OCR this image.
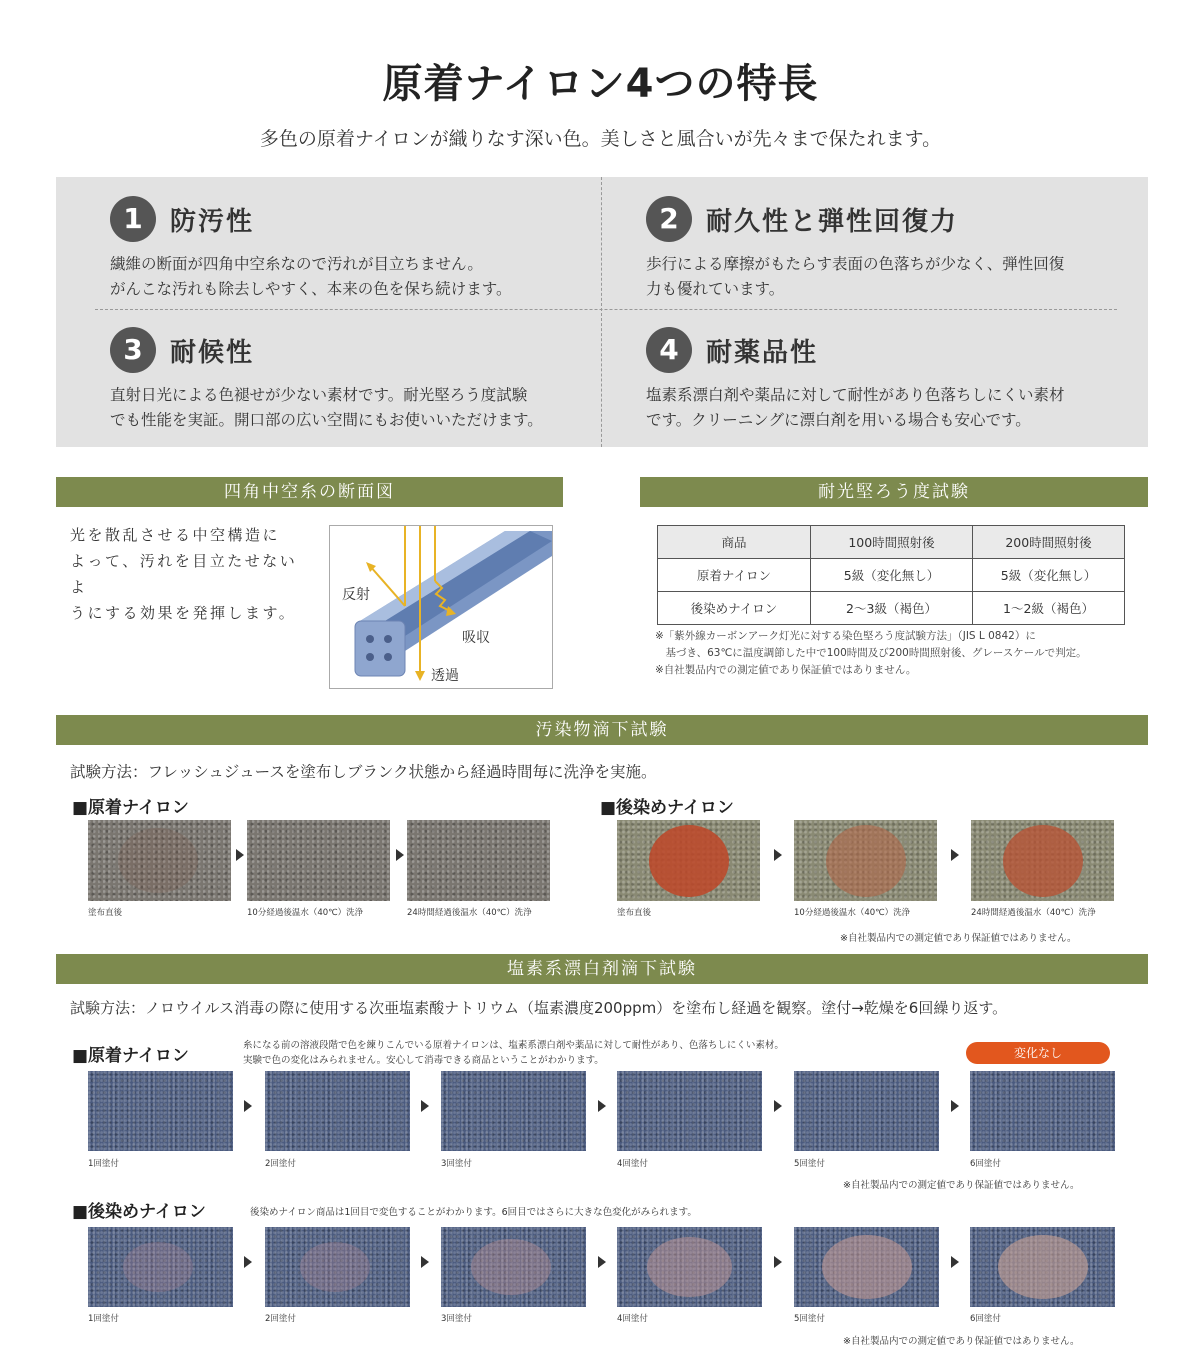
原着ナイロン4つの特長
多色の原着ナイロンが織りなす深い色。美しさと風合いが先々まで保たれます。
1 防汚性
繊維の断面が四角中空糸なので汚れが目立ちません。
がんこな汚れも除去しやすく、本来の色を保ち続けます。
2 耐久性と弾性回復力
歩行による摩擦がもたらす表面の色落ちが少なく、弾性回復
力も優れています。
3 耐候性
直射日光による色褪せが少ない素材です。耐光堅ろう度試験
でも性能を実証。開口部の広い空間にもお使いいただけます。
4 耐薬品性
塩素系漂白剤や薬品に対して耐性があり色落ちしにくい素材
です。クリーニングに漂白剤を用いる場合も安心です。
四角中空糸の断面図
光を散乱させる中空構造に
よって、汚れを目立たせないよ
うにする効果を発揮します。
反射
吸収
透過
耐光堅ろう度試験
商品	100時間照射後	200時間照射後
原着ナイロン	5級（変化無し）	5級（変化無し）
後染めナイロン	2〜3級（褐色）	1〜2級（褐色）
※「紫外線カーボンアーク灯光に対する染色堅ろう度試験方法」（JIS L 0842）に
　基づき、63℃に温度調節した中で100時間及び200時間照射後、グレースケールで判定。
※自社製品内での測定値であり保証値ではありません。
汚染物滴下試験
試験方法：フレッシュジュースを塗布しブランク状態から経過時間毎に洗浄を実施。
■原着ナイロン	■後染めナイロン
塗布直後	10分経過後温水（40℃）洗浄	24時間経過後温水（40℃）洗浄	塗布直後	10分経過後温水（40℃）洗浄	24時間経過後温水（40℃）洗浄
※自社製品内での測定値であり保証値ではありません。
塩素系漂白剤滴下試験
試験方法：ノロウイルス消毒の際に使用する次亜塩素酸ナトリウム（塩素濃度200ppm）を塗布し経過を観察。塗付→乾燥を6回繰り返す。
■原着ナイロン
糸になる前の溶液段階で色を練りこんでいる原着ナイロンは、塩素系漂白剤や薬品に対して耐性があり、色落ちしにくい素材。
実験で色の変化はみられません。安心して消毒できる商品ということがわかります。
変化なし
1回塗付	2回塗付	3回塗付	4回塗付	5回塗付	6回塗付
※自社製品内での測定値であり保証値ではありません。
■後染めナイロン	後染めナイロン商品は1回目で変色することがわかります。6回目ではさらに大きな色変化がみられます。
1回塗付	2回塗付	3回塗付	4回塗付	5回塗付	6回塗付
※自社製品内での測定値であり保証値ではありません。
